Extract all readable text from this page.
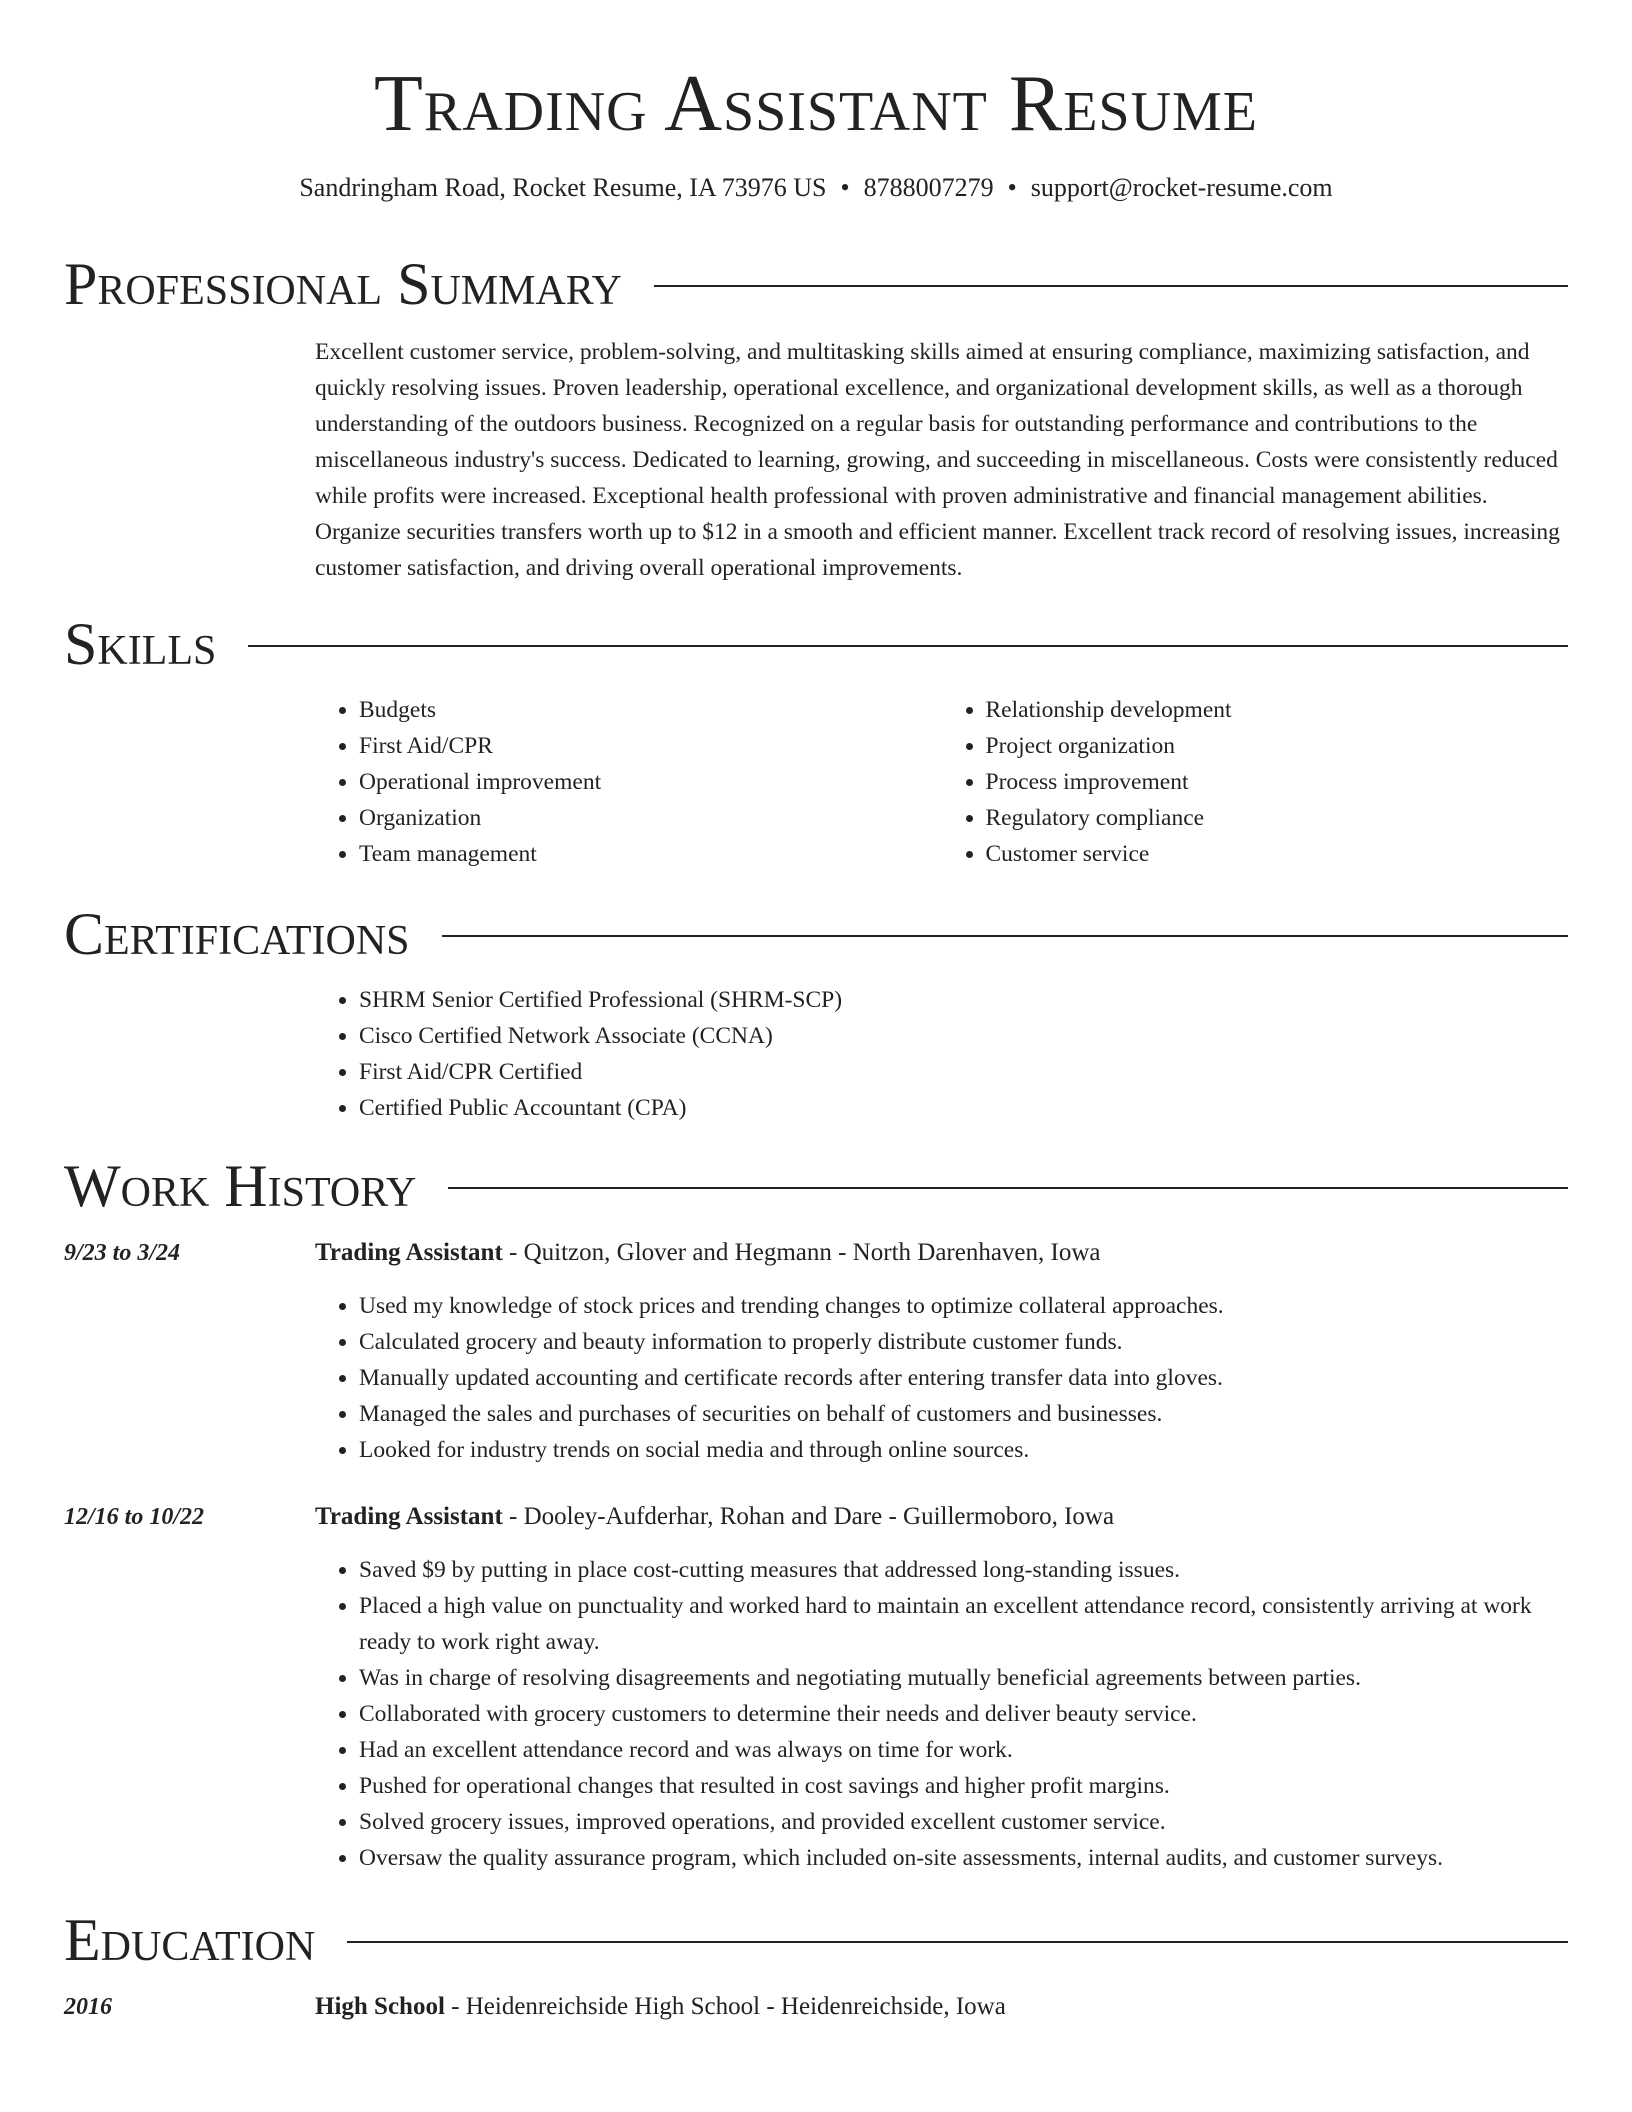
Trading Assistant Resume
Sandringham Road, Rocket Resume, IA 73976 US • 8788007279 • support@rocket-resume.com
Professional Summary

Excellent customer service, problem-solving, and multitasking skills aimed at ensuring compliance, maximizing satisfaction, and quickly resolving issues. Proven leadership, operational excellence, and organizational development skills, as well as a thorough understanding of the outdoors business. Recognized on a regular basis for outstanding performance and contributions to the miscellaneous industry's success. Dedicated to learning, growing, and succeeding in miscellaneous. Costs were consistently reduced while profits were increased. Exceptional health professional with proven administrative and financial management abilities. Organize securities transfers worth up to $12 in a smooth and efficient manner. Excellent track record of resolving issues, increasing customer satisfaction, and driving overall operational improvements.

Skills
• Budgets
• First Aid/CPR
• Operational improvement
• Organization
• Team management
• Relationship development
• Project organization
• Process improvement
• Regulatory compliance
• Customer service
Certifications
• SHRM Senior Certified Professional (SHRM-SCP)
• Cisco Certified Network Associate (CCNA)
• First Aid/CPR Certified
• Certified Public Accountant (CPA)
Work History
9/23 to 3/24	Trading Assistant - Quitzon, Glover and Hegmann - North Darenhaven, Iowa
• Used my knowledge of stock prices and trending changes to optimize collateral approaches.
• Calculated grocery and beauty information to properly distribute customer funds.
• Manually updated accounting and certificate records after entering transfer data into gloves.
• Managed the sales and purchases of securities on behalf of customers and businesses.
• Looked for industry trends on social media and through online sources.
12/16 to 10/22	Trading Assistant - Dooley-Aufderhar, Rohan and Dare - Guillermoboro, Iowa
• Saved $9 by putting in place cost-cutting measures that addressed long-standing issues.
• Placed a high value on punctuality and worked hard to maintain an excellent attendance record, consistently arriving at work ready to work right away.
• Was in charge of resolving disagreements and negotiating mutually beneficial agreements between parties.
• Collaborated with grocery customers to determine their needs and deliver beauty service.
• Had an excellent attendance record and was always on time for work.
• Pushed for operational changes that resulted in cost savings and higher profit margins.
• Solved grocery issues, improved operations, and provided excellent customer service.
• Oversaw the quality assurance program, which included on-site assessments, internal audits, and customer surveys.
Education
2016	High School - Heidenreichside High School - Heidenreichside, Iowa
